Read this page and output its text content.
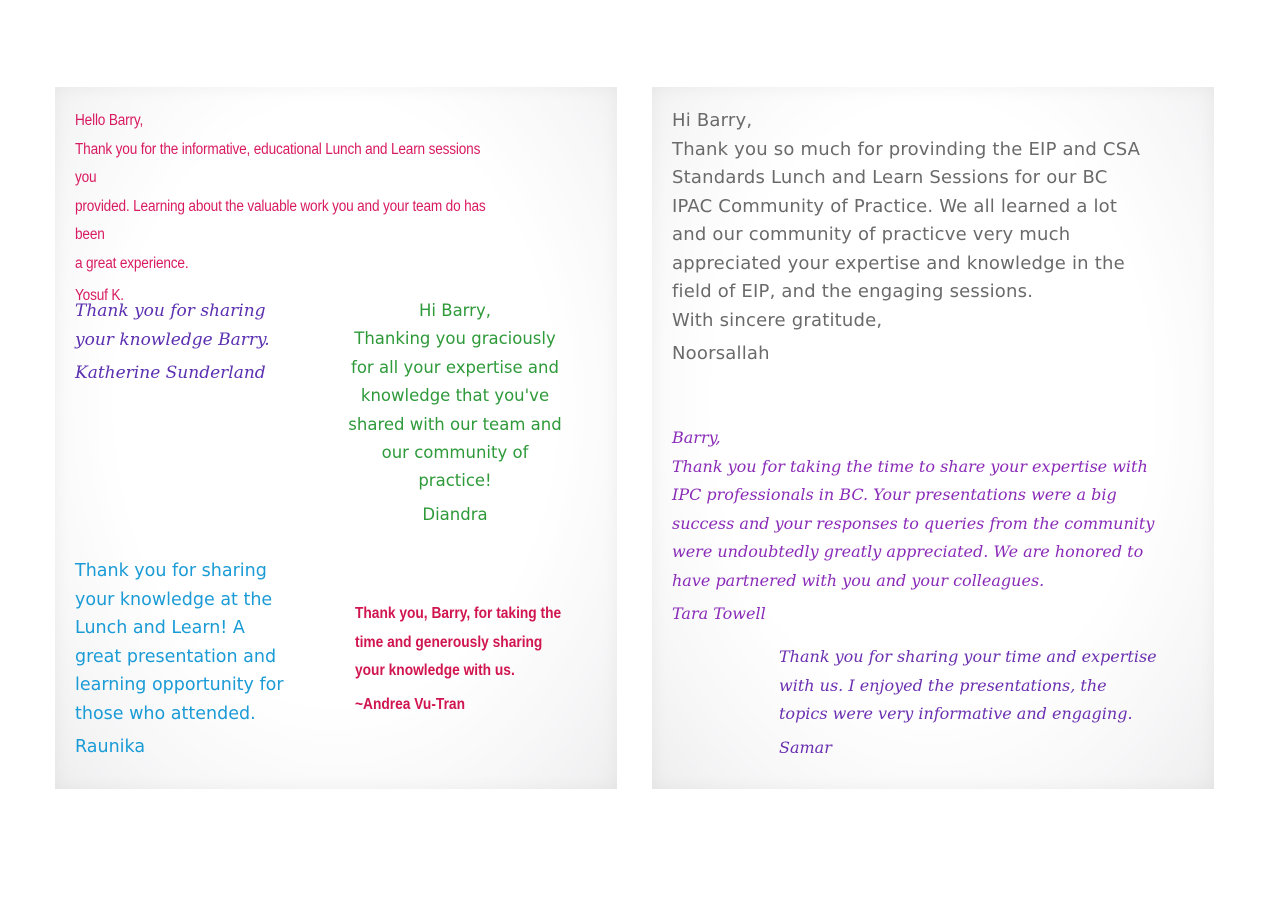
Hello Barry,

Thank you for the informative, educational Lunch and Learn sessions you

provided. Learning about the valuable work you and your team do has been

a great experience.

Yosuf K.

Thank you for sharing

your knowledge Barry.

Katherine Sunderland

Hi Barry,

Thanking you graciously

for all your expertise and

knowledge that you've

shared with our team and

our community of

practice!

Diandra

Thank you for sharing

your knowledge at the

Lunch and Learn! A

great presentation and

learning opportunity for

those who attended.

Raunika

Thank you, Barry, for taking the

time and generously sharing

your knowledge with us.

~Andrea Vu-Tran

Hi Barry,

Thank you so much for provinding the EIP and CSA

Standards Lunch and Learn Sessions for our BC

IPAC Community of Practice. We all learned a lot

and our community of practicve very much

appreciated your expertise and knowledge in the

field of EIP, and the engaging sessions.

With sincere gratitude,

Noorsallah

Barry,

Thank you for taking the time to share your expertise with

IPC professionals in BC. Your presentations were a big

success and your responses to queries from the community

were undoubtedly greatly appreciated. We are honored to

have partnered with you and your colleagues.

Tara Towell

Thank you for sharing your time and expertise

with us. I enjoyed the presentations, the

topics were very informative and engaging.

Samar
